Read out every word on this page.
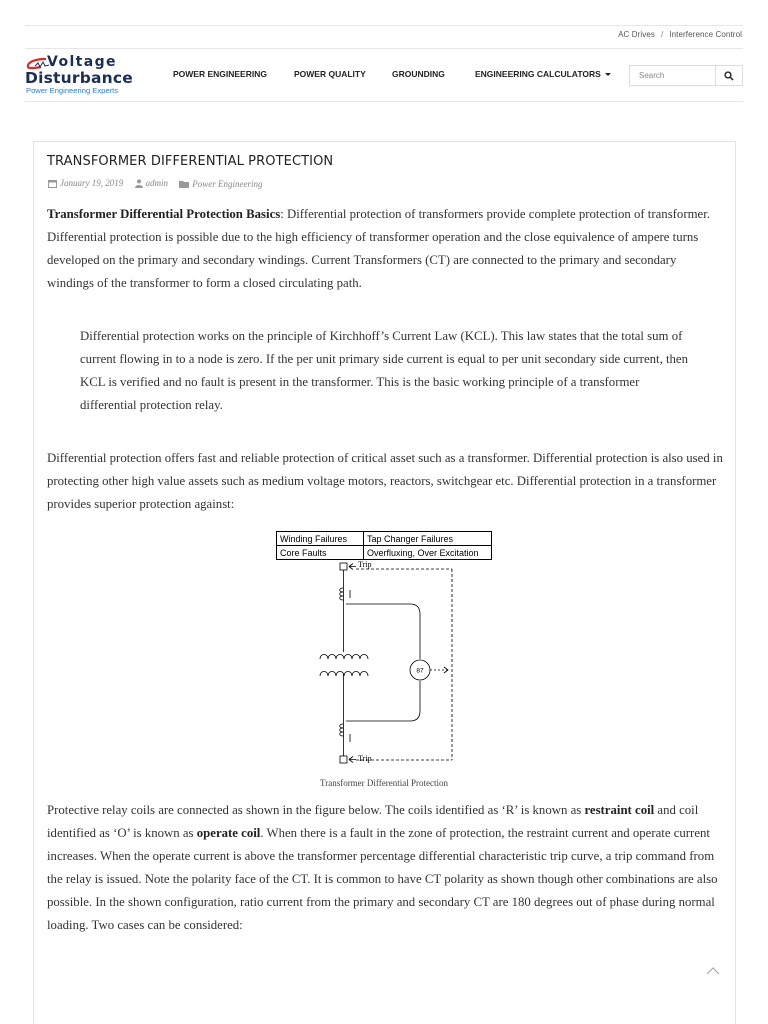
AC Drives / Interference Control
Voltage
Disturbance
Power Engineering Experts
POWER ENGINEERING	POWER QUALITY	GROUNDING	ENGINEERING CALCULATORS
Search
TRANSFORMER DIFFERENTIAL PROTECTION
January 19, 2019
admin
	Power Engineering

Transformer Differential Protection Basics: Differential protection of transformers provide complete protection of transformer. Differential protection is possible due to the high efficiency of transformer operation and the close equivalence of ampere turns developed on the primary and secondary windings. Current Transformers (CT) are connected to the primary and secondary windings of the transformer to form a closed circulating path.

Differential protection works on the principle of Kirchhoff’s Current Law (KCL). This law states that the total sum of current flowing in to a node is zero. If the per unit primary side current is equal to per unit secondary side current, then KCL is verified and no fault is present in the transformer. This is the basic working principle of a transformer differential protection relay.

Differential protection offers fast and reliable protection of critical asset such as a transformer. Differential protection is also used in protecting other high value assets such as medium voltage motors, reactors, switchgear etc. Differential protection in a transformer provides superior protection against:

Winding Failures	Tap Changer Failures
Core Faults	Overfluxing, Over Excitation
Trip
Trip
87
Transformer Differential Protection

Protective relay coils are connected as shown in the figure below. The coils identified as ‘R’ is known as restraint coil and coil identified as ‘O’ is known as operate coil. When there is a fault in the zone of protection, the restraint current and operate current increases. When the operate current is above the transformer percentage differential characteristic trip curve, a trip command from the relay is issued. Note the polarity face of the CT. It is common to have CT polarity as shown though other combinations are also possible. In the shown configuration, ratio current from the primary and secondary CT are 180 degrees out of phase during normal loading. Two cases can be considered:
